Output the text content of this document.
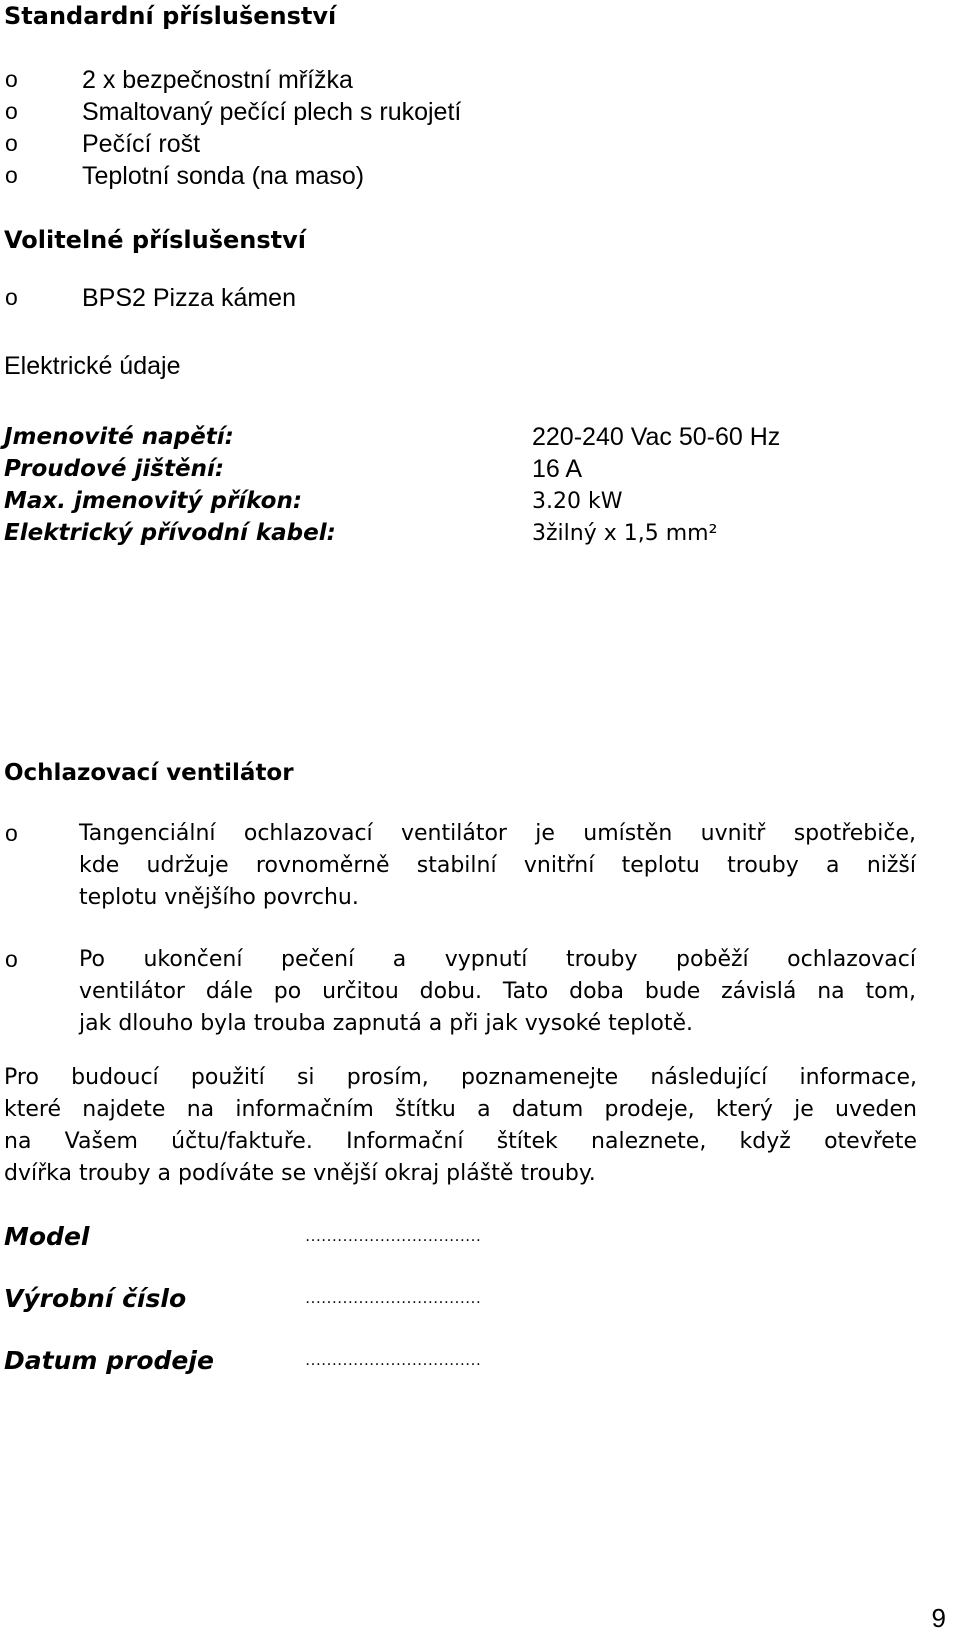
Standardní příslušenství
o	2 x bezpečnostní mřížka
o	Smaltovaný pečící plech s rukojetí
o	Pečící rošt
o	Teplotní sonda (na maso)
Volitelné příslušenství
o	BPS2 Pizza kámen
Elektrické údaje
Jmenovité napětí:	220-240 Vac 50-60 Hz
Proudové jištění:	16 A
Max. jmenovitý příkon:	3.20 kW
Elektrický přívodní kabel:	3žilný x 1,5 mm²
Ochlazovací ventilátor
o	Tangenciální ochlazovací ventilátor je umístěn uvnitř spotřebiče,
kde udržuje rovnoměrně stabilní vnitřní teplotu trouby a nižší
teplotu vnějšího povrchu.
o	Po ukončení pečení a vypnutí trouby poběží ochlazovací
ventilátor dále po určitou dobu. Tato doba bude závislá na tom,
jak dlouho byla trouba zapnutá a při jak vysoké teplotě.
Pro budoucí použití si prosím, poznamenejte následující informace,
které najdete na informačním štítku a datum prodeje, který je uveden
na Vašem účtu/faktuře. Informační štítek naleznete, když otevřete
dvířka trouby a podíváte se vnější okraj pláště trouby.
Model	……………………………
Výrobní číslo	……………………………
Datum prodeje	……………………………
9
